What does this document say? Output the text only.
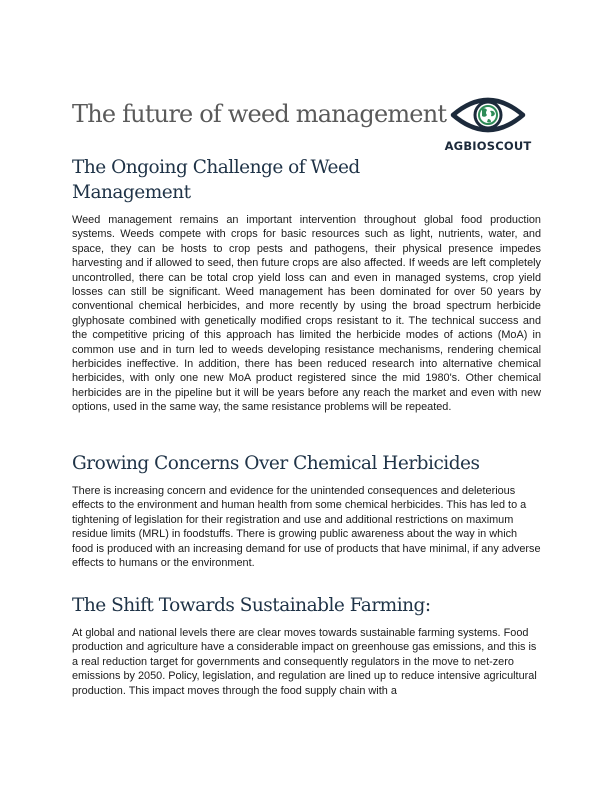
The future of weed management
AGBIOSCOUT
The Ongoing Challenge of Weed Management

Weed management remains an important intervention throughout global food production systems. Weeds compete with crops for basic resources such as light, nutrients, water, and space, they can be hosts to crop pests and pathogens, their physical presence impedes harvesting and if allowed to seed, then future crops are also affected. If weeds are left completely uncontrolled, there can be total crop yield loss can and even in managed systems, crop yield losses can still be significant. Weed management has been dominated for over 50 years by conventional chemical herbicides, and more recently by using the broad spectrum herbicide glyphosate combined with genetically modified crops resistant to it. The technical success and the competitive pricing of this approach has limited the herbicide modes of actions (MoA) in common use and in turn led to weeds developing resistance mechanisms, rendering chemical herbicides ineffective. In addition, there has been reduced research into alternative chemical herbicides, with only one new MoA product registered since the mid 1980's. Other chemical herbicides are in the pipeline but it will be years before any reach the market and even with new options, used in the same way, the same resistance problems will be repeated.

Growing Concerns Over Chemical Herbicides

There is increasing concern and evidence for the unintended consequences and deleterious effects to the environment and human health from some chemical herbicides. This has led to a tightening of legislation for their registration and use and additional restrictions on maximum residue limits (MRL) in foodstuffs. There is growing public awareness about the way in which food is produced with an increasing demand for use of products that have minimal, if any adverse effects to humans or the environment.

The Shift Towards Sustainable Farming:

At global and national levels there are clear moves towards sustainable farming systems. Food production and agriculture have a considerable impact on greenhouse gas emissions, and this is a real reduction target for governments and consequently regulators in the move to net-zero emissions by 2050. Policy, legislation, and regulation are lined up to reduce intensive agricultural production. This impact moves through the food supply chain with a
